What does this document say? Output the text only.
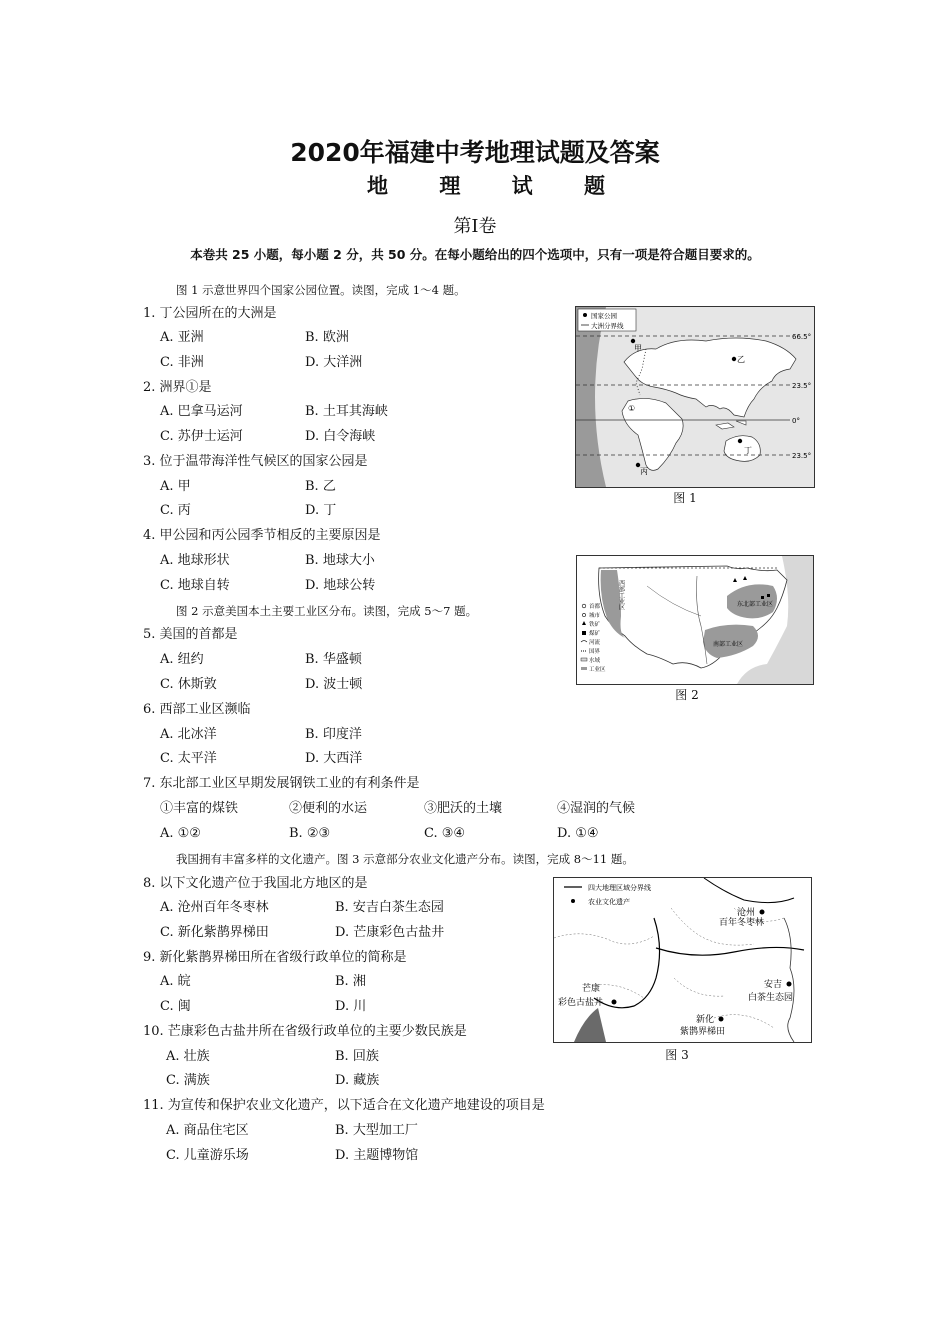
2020年福建中考地理试题及答案
地 理 试 题
第Ⅰ卷
本卷共 25 小题，每小题 2 分，共 50 分。在每小题给出的四个选项中，只有一项是符合题目要求的。
图 1 示意世界四个国家公园位置。读图，完成 1～4 题。
1. 丁公园所在的大洲是
A. 亚洲	B. 欧洲
C. 非洲	D. 大洋洲
2. 洲界①是
A. 巴拿马运河	B. 土耳其海峡
C. 苏伊士运河	D. 白令海峡
3. 位于温带海洋性气候区的国家公园是
A. 甲	B. 乙
C. 丙	D. 丁
4. 甲公园和丙公园季节相反的主要原因是
A. 地球形状	B. 地球大小
C. 地球自转	D. 地球公转
图 2 示意美国本土主要工业区分布。读图，完成 5～7 题。
5. 美国的首都是
A. 纽约	B. 华盛顿
C. 休斯敦	D. 波士顿
6. 西部工业区濒临
A. 北冰洋	B. 印度洋
C. 太平洋	D. 大西洋
7. 东北部工业区早期发展钢铁工业的有利条件是
①丰富的煤铁	②便利的水运	③肥沃的土壤	④湿润的气候
A. ①②	B. ②③	C. ③④	D. ①④
我国拥有丰富多样的文化遗产。图 3 示意部分农业文化遗产分布。读图，完成 8～11 题。
8. 以下文化遗产位于我国北方地区的是
A. 沧州百年冬枣林	B. 安吉白茶生态园
C. 新化紫鹊界梯田	D. 芒康彩色古盐井
9. 新化紫鹊界梯田所在省级行政单位的简称是
A. 皖	B. 湘
C. 闽	D. 川
10. 芒康彩色古盐井所在省级行政单位的主要少数民族是
A. 壮族	B. 回族
C. 满族	D. 藏族
11. 为宣传和保护农业文化遗产，以下适合在文化遗产地建设的项目是
A. 商品住宅区	B. 大型加工厂
C. 儿童游乐场	D. 主题博物馆
国家公园
大洲分界线
甲
乙
丙
丁
①
66.5°
23.5°
0°
23.5°
图 1
首都
城市
铁矿
煤矿
河流
国界
水域
工业区
西部工业区	东北部工业区
南部工业区
图 2
四大地理区域分界线
农业文化遗产
沧州
百年冬枣林
安吉
白茶生态园
芒康
彩色古盐井
新化
紫鹊界梯田
图 3
